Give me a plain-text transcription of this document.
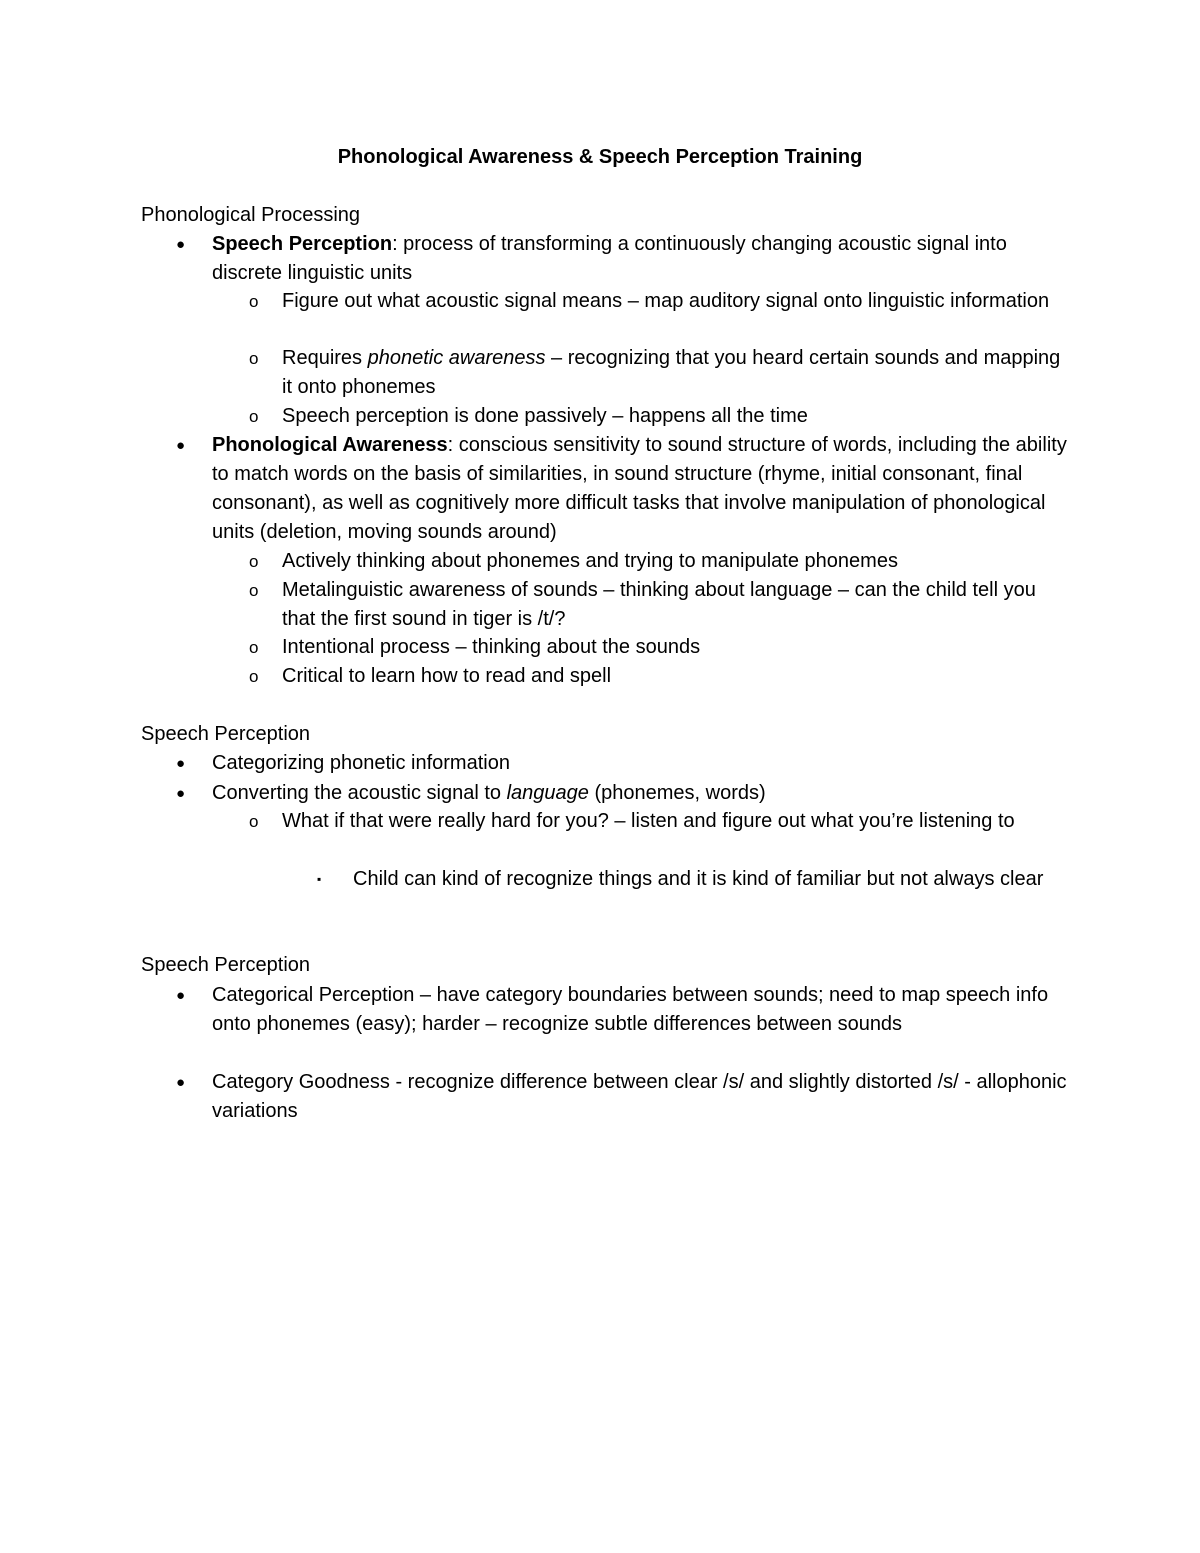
Phonological Awareness & Speech Perception Training
Phonological Processing
● Speech Perception: process of transforming a continuously changing acoustic signal into discrete linguistic units
o Figure out what acoustic signal means – map auditory signal onto linguistic information
o Requires phonetic awareness – recognizing that you heard certain sounds and mapping it onto phonemes
o Speech perception is done passively – happens all the time
● Phonological Awareness: conscious sensitivity to sound structure of words, including the ability to match words on the basis of similarities, in sound structure (rhyme, initial consonant, final consonant), as well as cognitively more difficult tasks that involve manipulation of phonological units (deletion, moving sounds around)
o Actively thinking about phonemes and trying to manipulate phonemes
o Metalinguistic awareness of sounds – thinking about language – can the child tell you that the first sound in tiger is /t/?
o Intentional process – thinking about the sounds
o Critical to learn how to read and spell
Speech Perception
● Categorizing phonetic information
● Converting the acoustic signal to language (phonemes, words)
o What if that were really hard for you? – listen and figure out what you’re listening to
▪ Child can kind of recognize things and it is kind of familiar but not always clear
Speech Perception
● Categorical Perception – have category boundaries between sounds; need to map speech info onto phonemes (easy); harder – recognize subtle differences between sounds
● Category Goodness - recognize difference between clear /s/ and slightly distorted /s/ - allophonic variations
